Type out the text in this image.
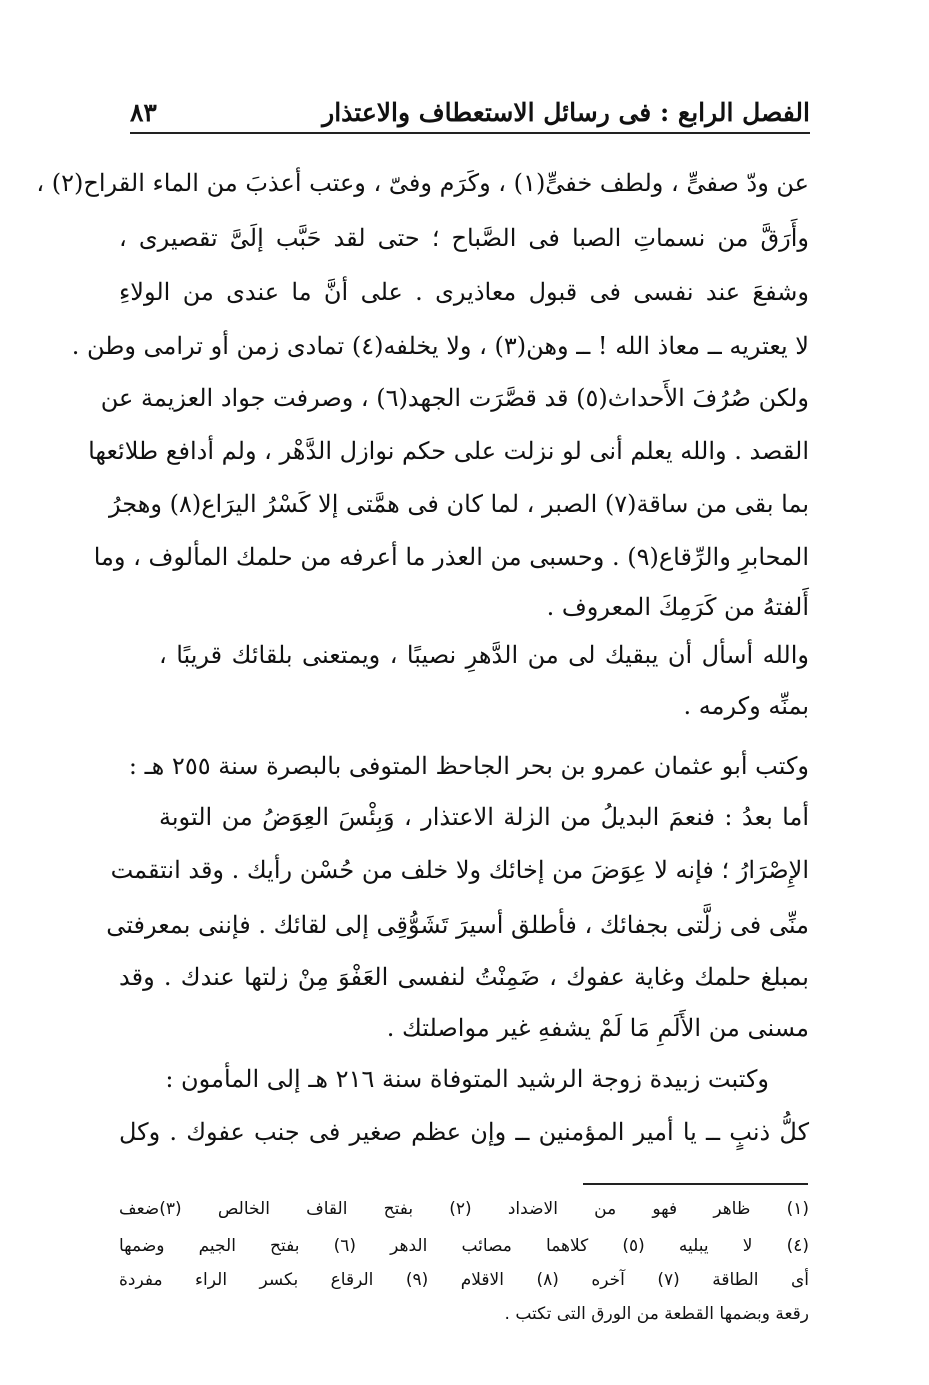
الفصل الرابع : فى رسائل الاستعطاف والاعتذار
٨٣
عن ودّ صفىٍّ ، ولطف خفىٍّ(١) ، وكَرَم وفىّ ، وعتب أعذبَ من الماء القراح(٢) ،
وأَرَقَّ من نسماتِ الصبا فى الصَّباح ؛ حتى لقد حَبَّب إلَىَّ تقصيرى ،
وشفعَ عند نفسى فى قبول معاذيرى . على أنَّ ما عندى من الولاءِ
لا يعتريه ــ معاذ الله ! ــ وهن(٣) ، ولا يخلفه(٤) تمادى زمن أو ترامى وطن .
ولكن صُرُفَ الأَحداث(٥) قد قصَّرَت الجهد(٦) ، وصرفت جواد العزيمة عن
القصد . والله يعلم أنى لو نزلت على حكم نوازل الدَّهْر ، ولم أدافع طلائعها
بما بقى من ساقة(٧) الصبر ، لما كان فى همَّتى إلا كَسْرُ اليرَاع(٨) وهجرُ
المحابرِ والرِّقاع(٩) . وحسبى من العذر ما أعرفه من حلمك المألوف ، وما
أَلفتهُ من كَرَمِكَ المعروف .
والله أسأل أن يبقيك لى من الدَّهرِ نصيبًا ، ويمتعنى بلقائك قريبًا ،
بمنِّه وكرمه .
وكتب أبو عثمان عمرو بن بحر الجاحظ المتوفى بالبصرة سنة ٢٥٥ هـ :
أما بعدُ : فنعمَ البديلُ من الزلة الاعتذار ، وَبِئْسَ العِوَضُ من التوبة
الإِصْرَارُ ؛ فإنه لا عِوَضَ من إخائك ولا خلف من حُسْن رأيك . وقد انتقمت
منِّى فى زلَّتى بجفائك ، فأطلق أسيرَ تَشَوُّقِى إلى لقائك . فإننى بمعرفتى
بمبلغ حلمك وغاية عفوك ، ضَمِنْتُ لنفسى العَفْوَ مِنْ زلتها عندك . وقد
مسنى من الأَلَمِ مَا لَمْ يشفهِ غير مواصلتك .
وكتبت زبيدة زوجة الرشيد المتوفاة سنة ٢١٦ هـ إلى المأمون :
كلُّ ذنبٍ ــ يا أمير المؤمنين ــ وإن عظم صغير فى جنب عفوك . وكل
(١) ظاهر فهو من الاضداد (٢) بفتح القاف الخالص (٣)ضعف
(٤) لا يبليه (٥) كلاهما مصائب الدهر (٦) بفتح الجيم وضمها
أى الطاقة (٧) آخره (٨) الاقلام (٩) الرقاع بكسر الراء مفردة
رقعة وبضمها القطعة من الورق التى تكتب .
